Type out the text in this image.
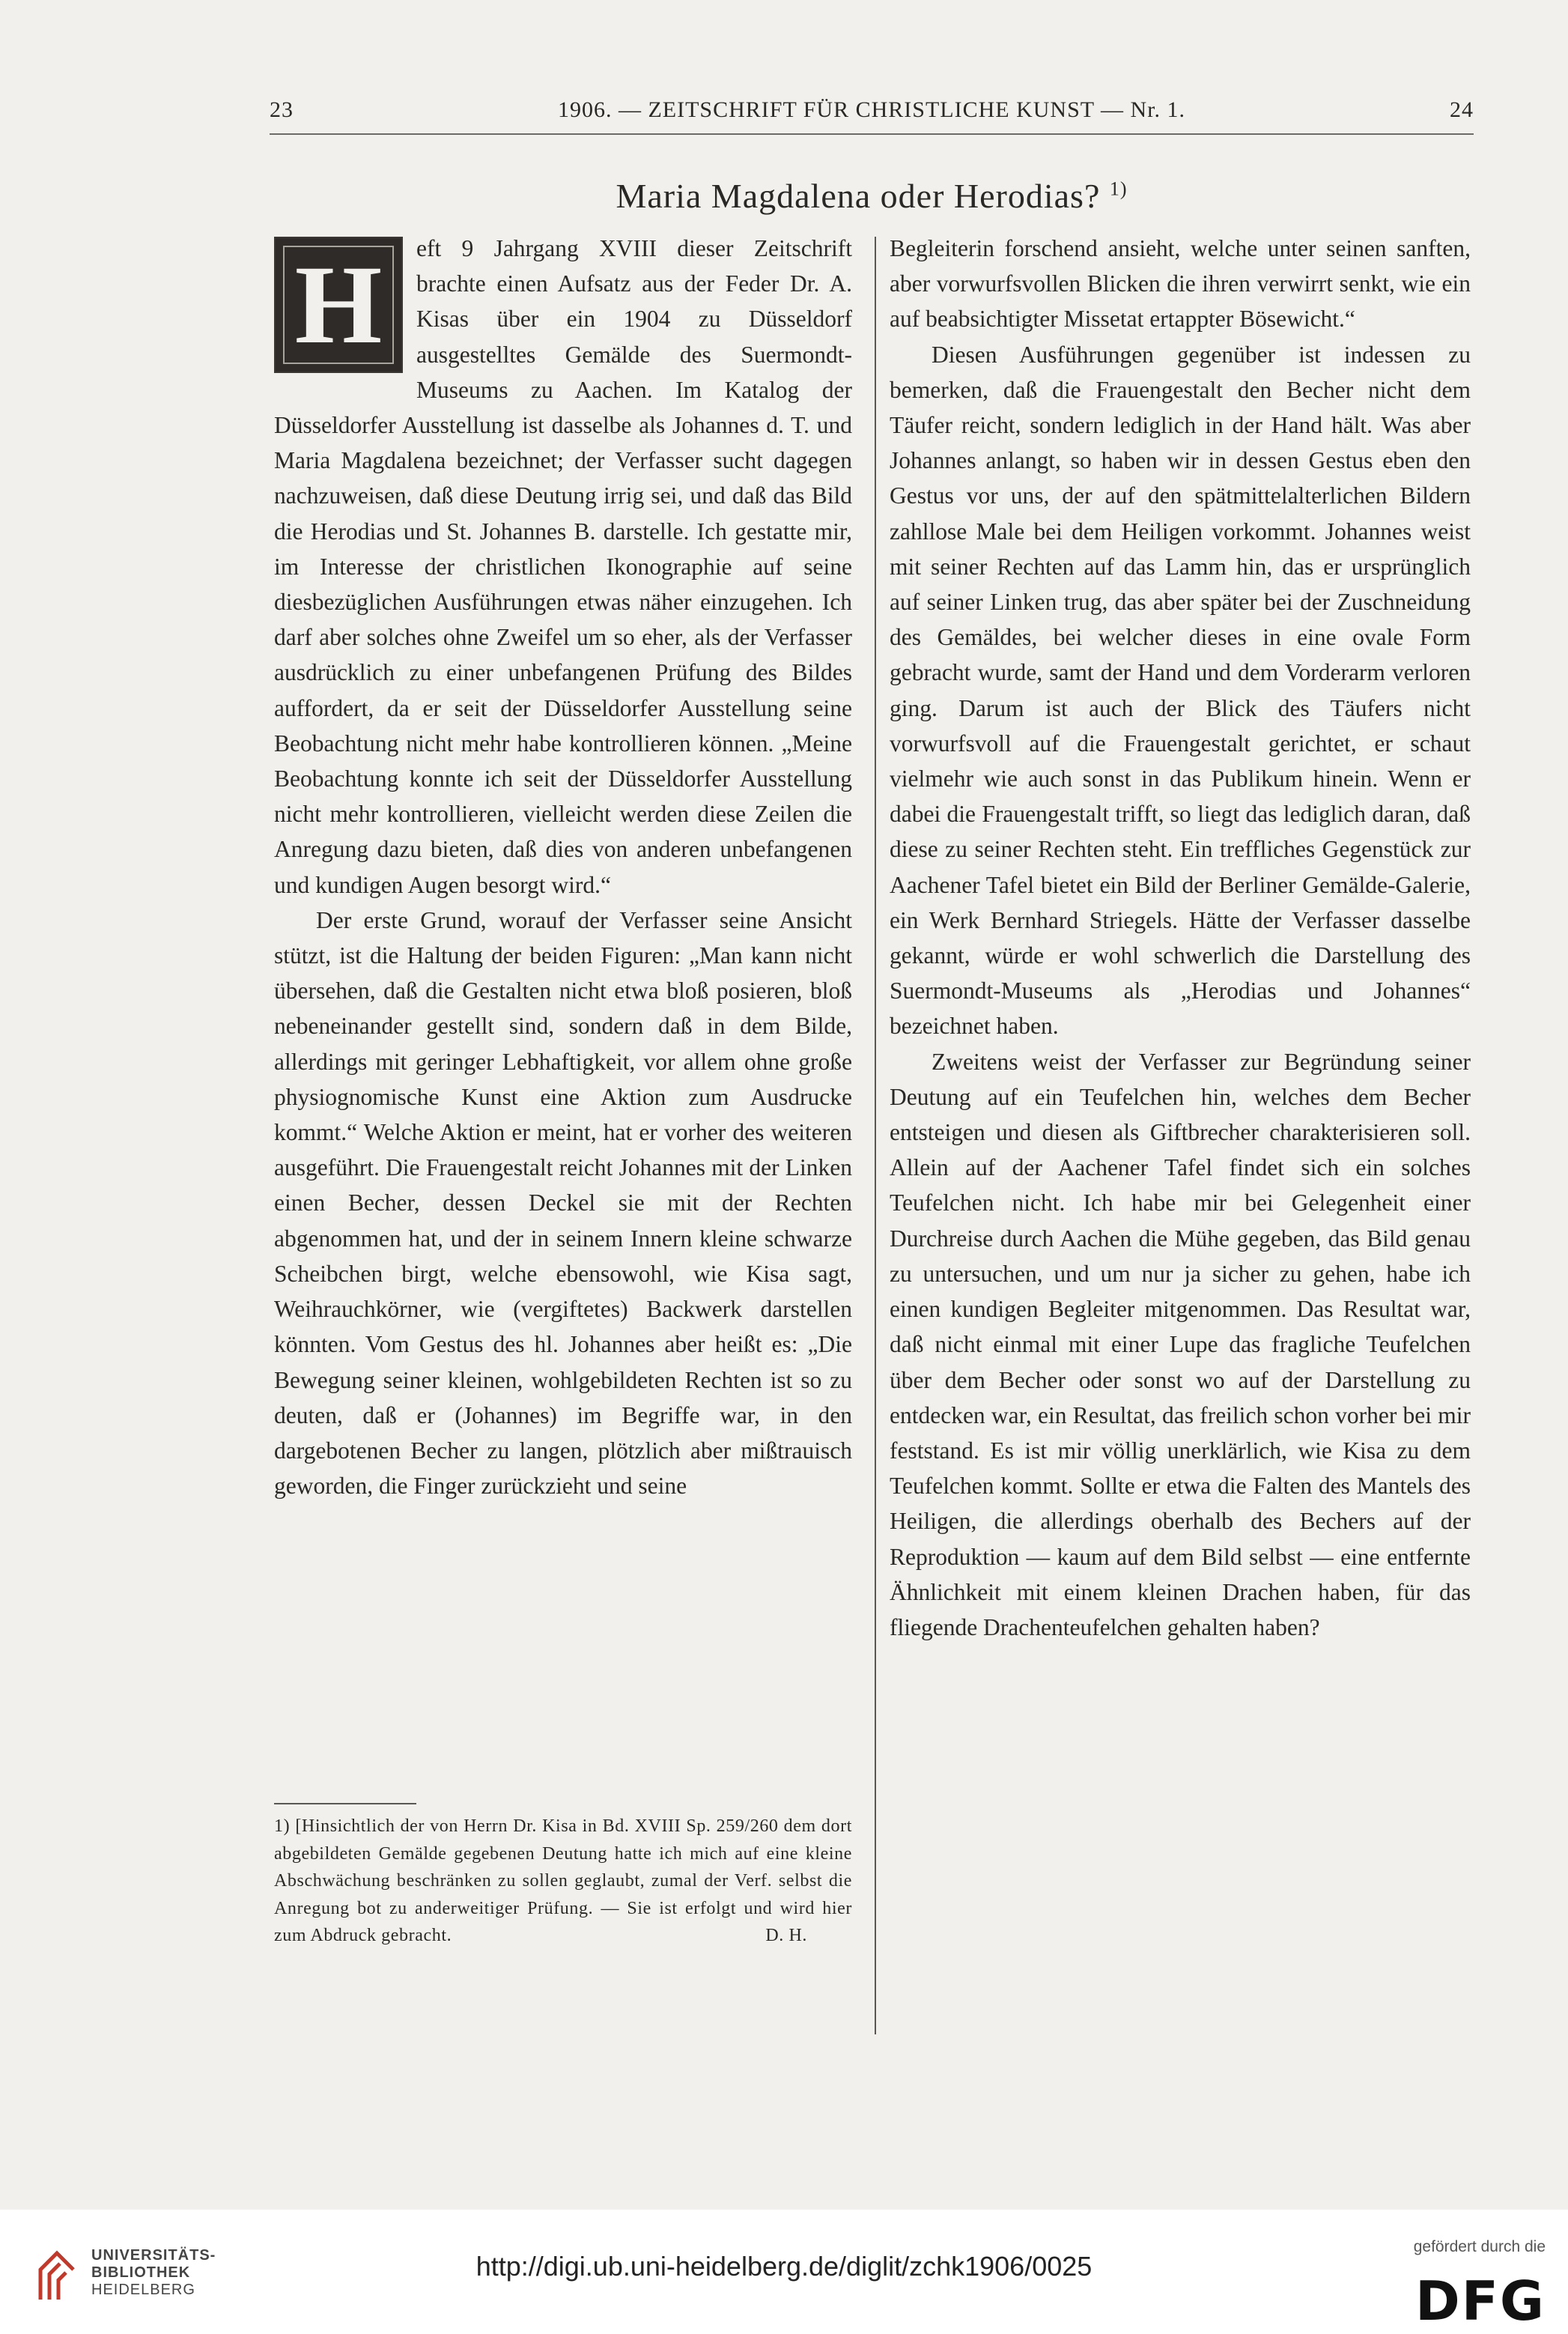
23	1906. — ZEITSCHRIFT FÜR CHRISTLICHE KUNST — Nr. 1.	24
Maria Magdalena oder Herodias? $^{1)}$

H eft 9 Jahrgang XVIII dieser Zeitschrift brachte einen Aufsatz aus der Feder Dr. A. Kisas über ein 1904 zu Düsseldorf ausgestelltes Gemälde des Suermondt-Museums zu Aachen. Im Katalog der Düsseldorfer Ausstellung ist dasselbe als Johannes d. T. und Maria Magdalena bezeichnet; der Verfasser sucht dagegen nachzuweisen, daß diese Deutung irrig sei, und daß das Bild die Herodias und St. Johannes B. darstelle. Ich gestatte mir, im Interesse der christlichen Ikonographie auf seine diesbezüglichen Ausführungen etwas näher einzugehen. Ich darf aber solches ohne Zweifel um so eher, als der Verfasser ausdrücklich zu einer unbefangenen Prüfung des Bildes auffordert, da er seit der Düsseldorfer Ausstellung seine Beobachtung nicht mehr habe kontrollieren können. „Meine Beobachtung konnte ich seit der Düsseldorfer Ausstellung nicht mehr kontrollieren, vielleicht werden diese Zeilen die Anregung dazu bieten, daß dies von anderen unbefangenen und kundigen Augen besorgt wird.“

Der erste Grund, worauf der Verfasser seine Ansicht stützt, ist die Haltung der beiden Figuren: „Man kann nicht übersehen, daß die Gestalten nicht etwa bloß posieren, bloß nebeneinander gestellt sind, sondern daß in dem Bilde, allerdings mit geringer Lebhaftigkeit, vor allem ohne große physiognomische Kunst eine Aktion zum Ausdrucke kommt.“ Welche Aktion er meint, hat er vorher des weiteren ausgeführt. Die Frauengestalt reicht Johannes mit der Linken einen Becher, dessen Deckel sie mit der Rechten abgenommen hat, und der in seinem Innern kleine schwarze Scheibchen birgt, welche ebensowohl, wie Kisa sagt, Weihrauchkörner, wie (vergiftetes) Backwerk darstellen könnten. Vom Gestus des hl. Johannes aber heißt es: „Die Bewegung seiner kleinen, wohlgebildeten Rechten ist so zu deuten, daß er (Johannes) im Begriffe war, in den dargebotenen Becher zu langen, plötzlich aber mißtrauisch geworden, die Finger zurückzieht und seine

Begleiterin forschend ansieht, welche unter seinen sanften, aber vorwurfsvollen Blicken die ihren verwirrt senkt, wie ein auf beabsichtigter Missetat ertappter Bösewicht.“

Diesen Ausführungen gegenüber ist indessen zu bemerken, daß die Frauengestalt den Becher nicht dem Täufer reicht, sondern lediglich in der Hand hält. Was aber Johannes anlangt, so haben wir in dessen Gestus eben den Gestus vor uns, der auf den spätmittelalterlichen Bildern zahllose Male bei dem Heiligen vorkommt. Johannes weist mit seiner Rechten auf das Lamm hin, das er ursprünglich auf seiner Linken trug, das aber später bei der Zuschneidung des Gemäldes, bei welcher dieses in eine ovale Form gebracht wurde, samt der Hand und dem Vorderarm verloren ging. Darum ist auch der Blick des Täufers nicht vorwurfsvoll auf die Frauengestalt gerichtet, er schaut vielmehr wie auch sonst in das Publikum hinein. Wenn er dabei die Frauengestalt trifft, so liegt das lediglich daran, daß diese zu seiner Rechten steht. Ein treffliches Gegenstück zur Aachener Tafel bietet ein Bild der Berliner Gemälde-Galerie, ein Werk Bernhard Striegels. Hätte der Verfasser dasselbe gekannt, würde er wohl schwerlich die Darstellung des Suermondt-Museums als „Herodias und Johannes“ bezeichnet haben.

Zweitens weist der Verfasser zur Begründung seiner Deutung auf ein Teufelchen hin, welches dem Becher entsteigen und diesen als Giftbrecher charakterisieren soll. Allein auf der Aachener Tafel findet sich ein solches Teufelchen nicht. Ich habe mir bei Gelegenheit einer Durchreise durch Aachen die Mühe gegeben, das Bild genau zu untersuchen, und um nur ja sicher zu gehen, habe ich einen kundigen Begleiter mitgenommen. Das Resultat war, daß nicht einmal mit einer Lupe das fragliche Teufelchen über dem Becher oder sonst wo auf der Darstellung zu entdecken war, ein Resultat, das freilich schon vorher bei mir feststand. Es ist mir völlig unerklärlich, wie Kisa zu dem Teufelchen kommt. Sollte er etwa die Falten des Mantels des Heiligen, die allerdings oberhalb des Bechers auf der Reproduktion — kaum auf dem Bild selbst — eine entfernte Ähnlichkeit mit einem kleinen Drachen haben, für das fliegende Drachenteufelchen gehalten haben?

1) [Hinsichtlich der von Herrn Dr. Kisa in Bd. XVIII Sp. 259/260 dem dort abgebildeten Gemälde gegebenen Deutung hatte ich mich auf eine kleine Abschwächung beschränken zu sollen geglaubt, zumal der Verf. selbst die Anregung bot zu anderweitiger Prüfung. — Sie ist erfolgt und wird hier zum Abdruck gebracht.	D. H.
UNIVERSITÄTS-
BIBLIOTHEK
HEIDELBERG
http://digi.ub.uni-heidelberg.de/diglit/zchk1906/0025
gefördert durch die
DFG
